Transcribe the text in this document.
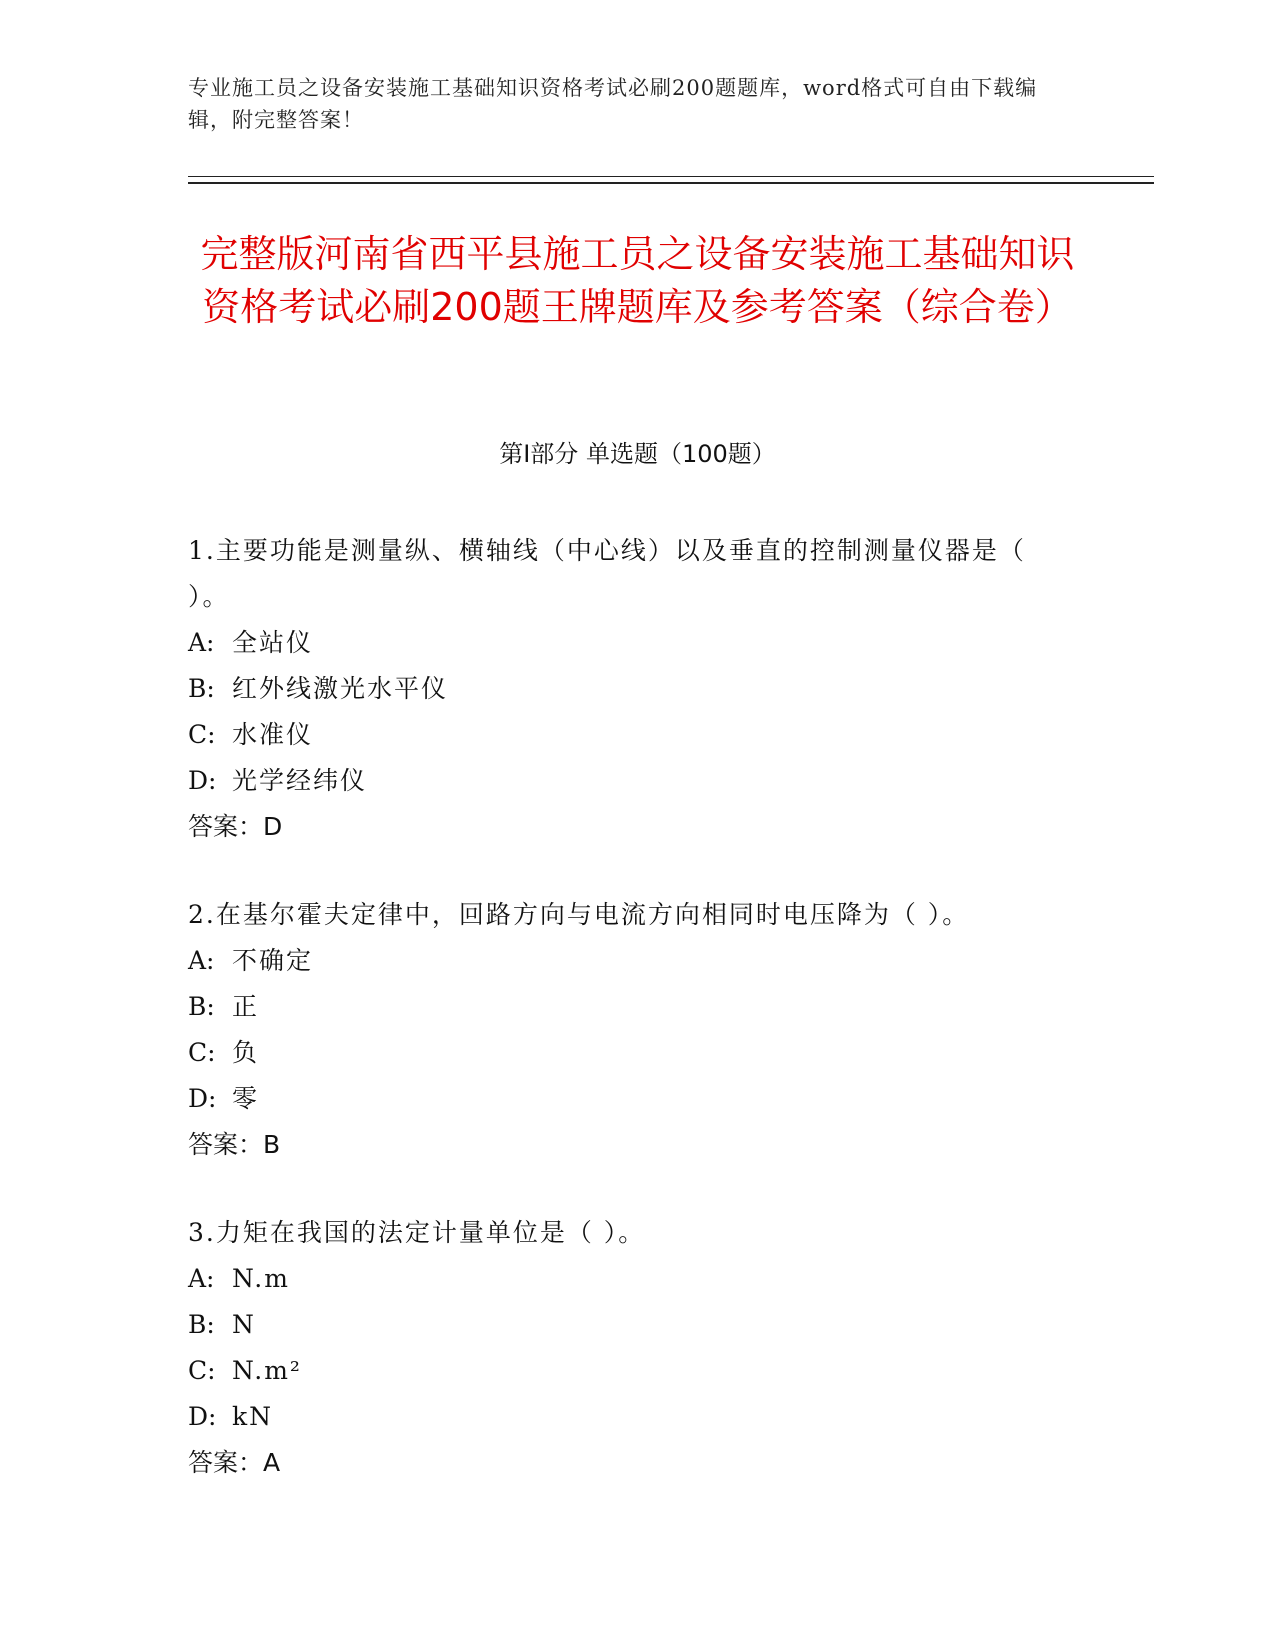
专业施工员之设备安装施工基础知识资格考试必刷200题题库，word格式可自由下载编辑，附完整答案！
完整版河南省西平县施工员之设备安装施工基础知识资格考试必刷200题王牌题库及参考答案（综合卷）
第Ⅰ部分 单选题（100题）
1.主要功能是测量纵、横轴线（中心线）以及垂直的控制测量仪器是（ ）。
A: 全站仪
B: 红外线激光水平仪
C: 水准仪
D: 光学经纬仪
答案：D
2.在基尔霍夫定律中，回路方向与电流方向相同时电压降为（ ）。
A: 不确定
B: 正
C: 负
D: 零
答案：B
3.力矩在我国的法定计量单位是（ ）。
A: N.m
B: N
C: N.m²
D: kN
答案：A
